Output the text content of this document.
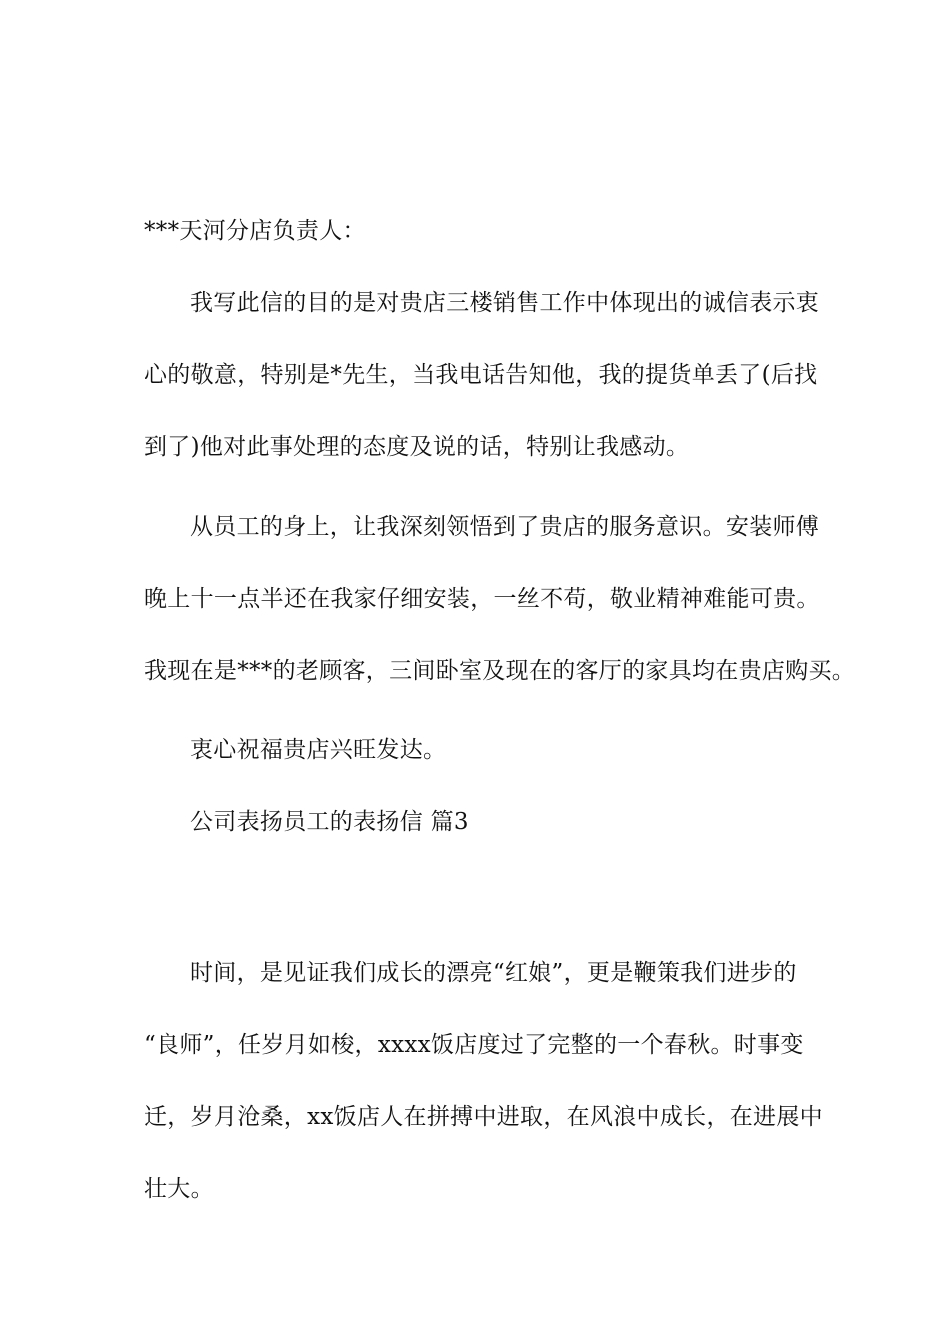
***天河分店负责人：
我写此信的目的是对贵店三楼销售工作中体现出的诚信表示衷
心的敬意，特别是*先生，当我电话告知他，我的提货单丢了(后找
到了)他对此事处理的态度及说的话，特别让我感动。
从员工的身上，让我深刻领悟到了贵店的服务意识。安装师傅
晚上十一点半还在我家仔细安装，一丝不苟，敬业精神难能可贵。
我现在是***的老顾客，三间卧室及现在的客厅的家具均在贵店购买。
衷心祝福贵店兴旺发达。
公司表扬员工的表扬信 篇3
时间，是见证我们成长的漂亮“红娘”，更是鞭策我们进步的
“良师”，任岁月如梭，xxxx饭店度过了完整的一个春秋。时事变
迁，岁月沧桑，xx饭店人在拼搏中进取，在风浪中成长，在进展中
壮大。
